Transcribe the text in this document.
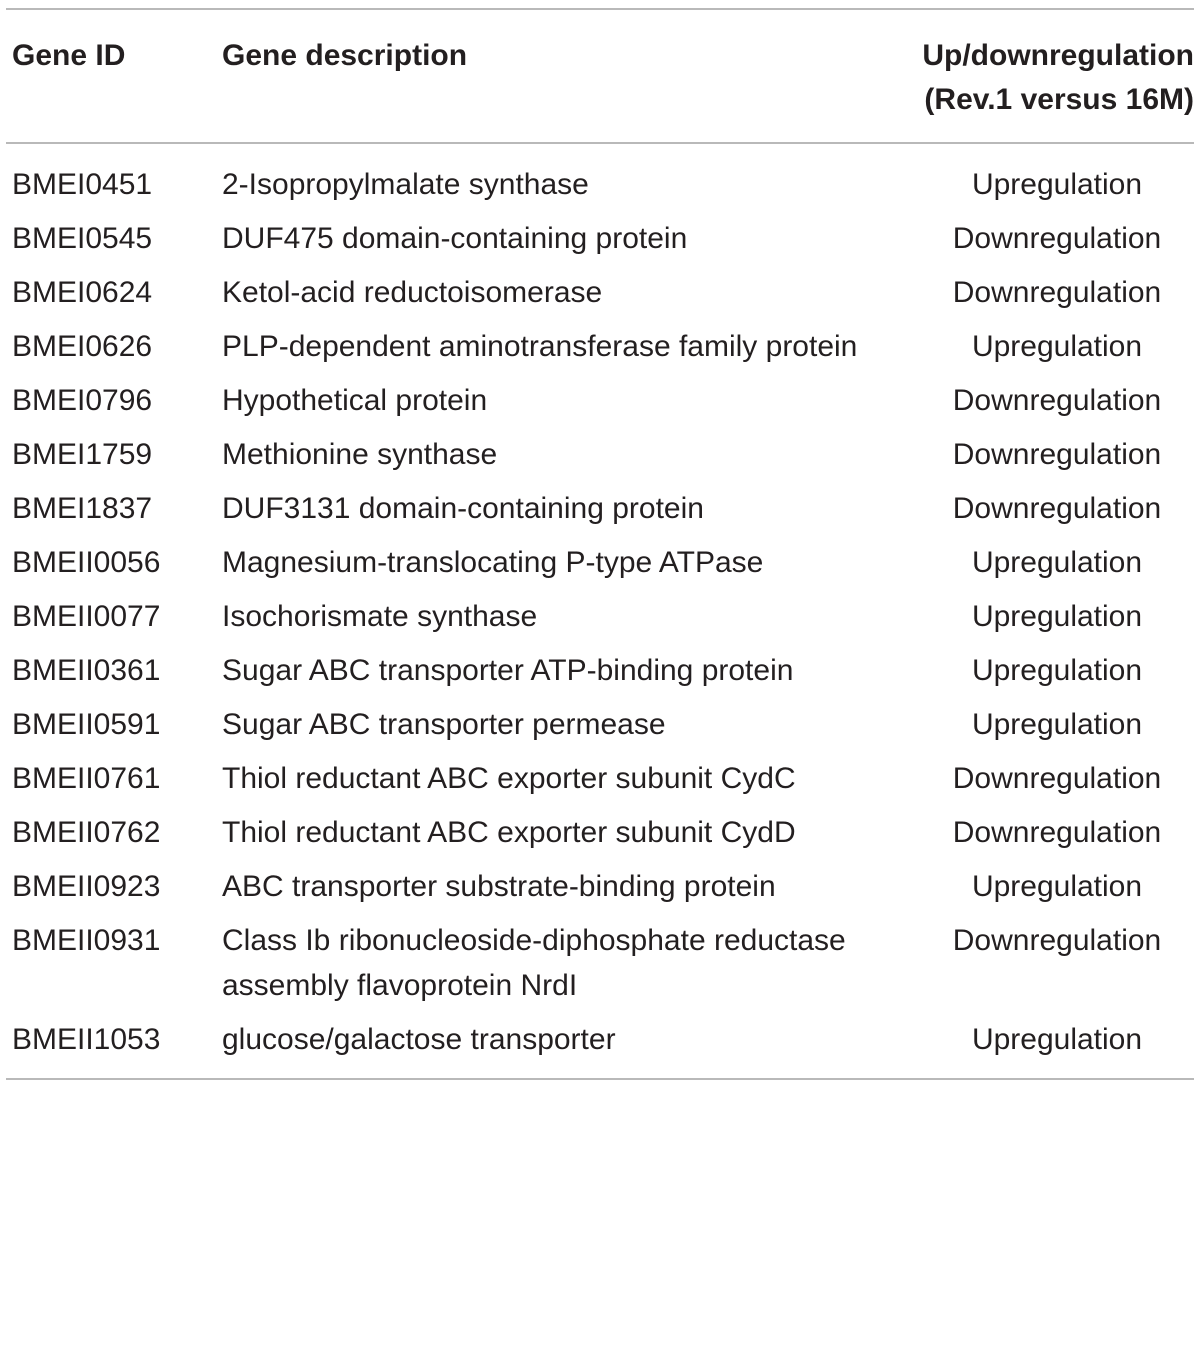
Gene ID	Gene description	Up/downregulation
(Rev.1 versus 16M)
BMEI0451	2-Isopropylmalate synthase	Upregulation
BMEI0545	DUF475 domain-containing protein	Downregulation
BMEI0624	Ketol-acid reductoisomerase	Downregulation
BMEI0626	PLP-dependent aminotransferase family protein	Upregulation
BMEI0796	Hypothetical protein	Downregulation
BMEI1759	Methionine synthase	Downregulation
BMEI1837	DUF3131 domain-containing protein	Downregulation
BMEII0056	Magnesium-translocating P-type ATPase	Upregulation
BMEII0077	Isochorismate synthase	Upregulation
BMEII0361	Sugar ABC transporter ATP-binding protein	Upregulation
BMEII0591	Sugar ABC transporter permease	Upregulation
BMEII0761	Thiol reductant ABC exporter subunit CydC	Downregulation
BMEII0762	Thiol reductant ABC exporter subunit CydD	Downregulation
BMEII0923	ABC transporter substrate-binding protein	Upregulation
BMEII0931	Class Ib ribonucleoside-diphosphate reductase assembly flavoprotein NrdI	Downregulation
BMEII1053	glucose/galactose transporter	Upregulation
